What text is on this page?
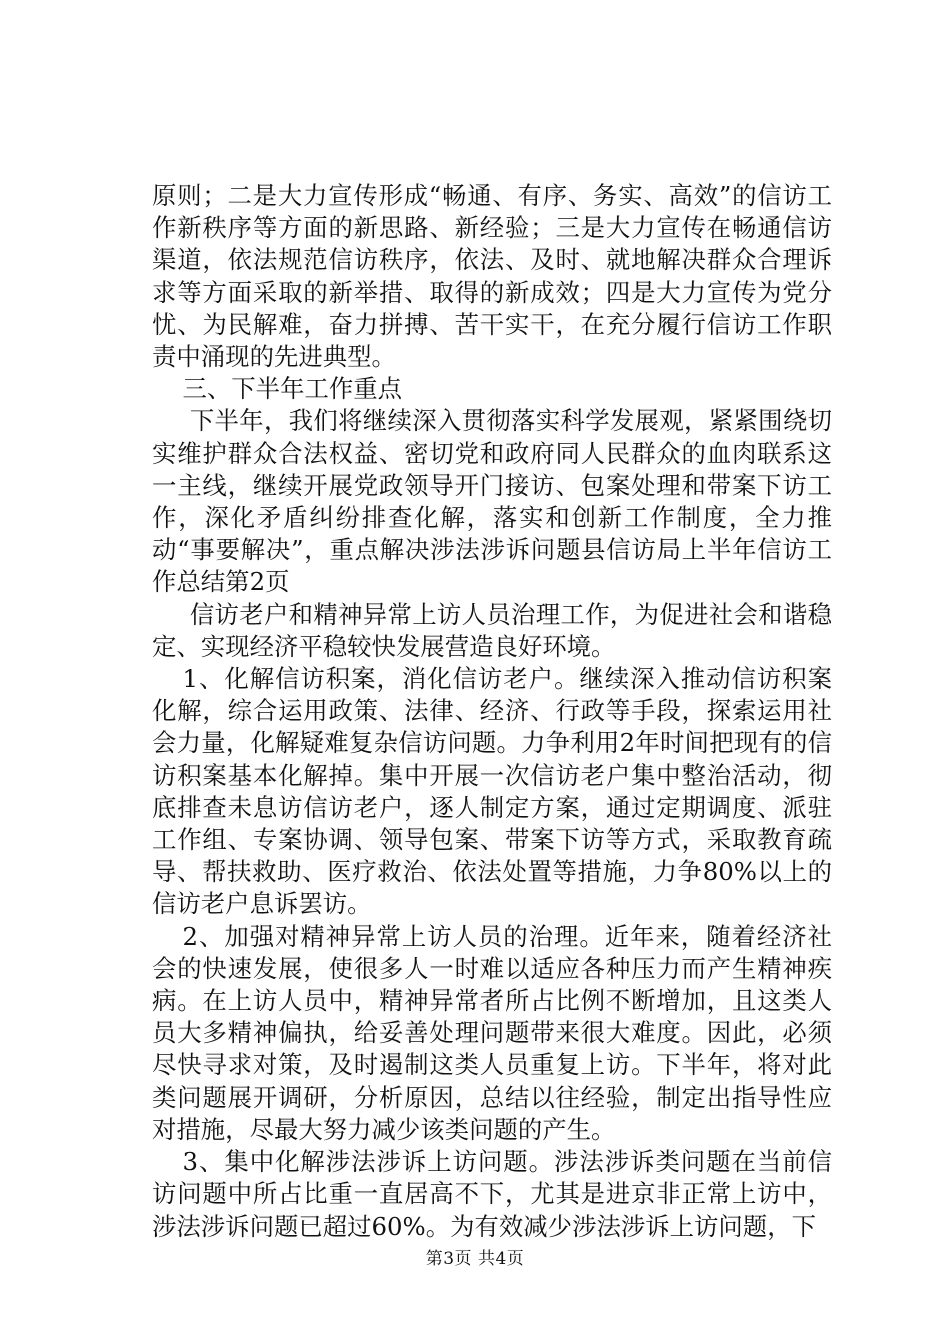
原则；二是大力宣传形成“畅通、有序、务实、高效”的信访工作新秩序等方面的新思路、新经验；三是大力宣传在畅通信访渠道，依法规范信访秩序，依法、及时、就地解决群众合理诉求等方面采取的新举措、取得的新成效；四是大力宣传为党分忧、为民解难，奋力拼搏、苦干实干，在充分履行信访工作职责中涌现的先进典型。

三、下半年工作重点

下半年，我们将继续深入贯彻落实科学发展观，紧紧围绕切实维护群众合法权益、密切党和政府同人民群众的血肉联系这一主线，继续开展党政领导开门接访、包案处理和带案下访工作，深化矛盾纠纷排查化解，落实和创新工作制度，全力推动“事要解决”，重点解决涉法涉诉问题县信访局上半年信访工作总结第2页

信访老户和精神异常上访人员治理工作，为促进社会和谐稳定、实现经济平稳较快发展营造良好环境。

1、化解信访积案，消化信访老户。继续深入推动信访积案化解，综合运用政策、法律、经济、行政等手段，探索运用社会力量，化解疑难复杂信访问题。力争利用2年时间把现有的信访积案基本化解掉。集中开展一次信访老户集中整治活动，彻底排查未息访信访老户，逐人制定方案，通过定期调度、派驻工作组、专案协调、领导包案、带案下访等方式，采取教育疏导、帮扶救助、医疗救治、依法处置等措施，力争80%以上的信访老户息诉罢访。

2、加强对精神异常上访人员的治理。近年来，随着经济社会的快速发展，使很多人一时难以适应各种压力而产生精神疾病。在上访人员中，精神异常者所占比例不断增加，且这类人员大多精神偏执，给妥善处理问题带来很大难度。因此，必须尽快寻求对策，及时遏制这类人员重复上访。下半年，将对此类问题展开调研，分析原因，总结以往经验，制定出指导性应对措施，尽最大努力减少该类问题的产生。

3、集中化解涉法涉诉上访问题。涉法涉诉类问题在当前信访问题中所占比重一直居高不下，尤其是进京非正常上访中，涉法涉诉问题已超过60%。为有效减少涉法涉诉上访问题，下

第3页 共4页
